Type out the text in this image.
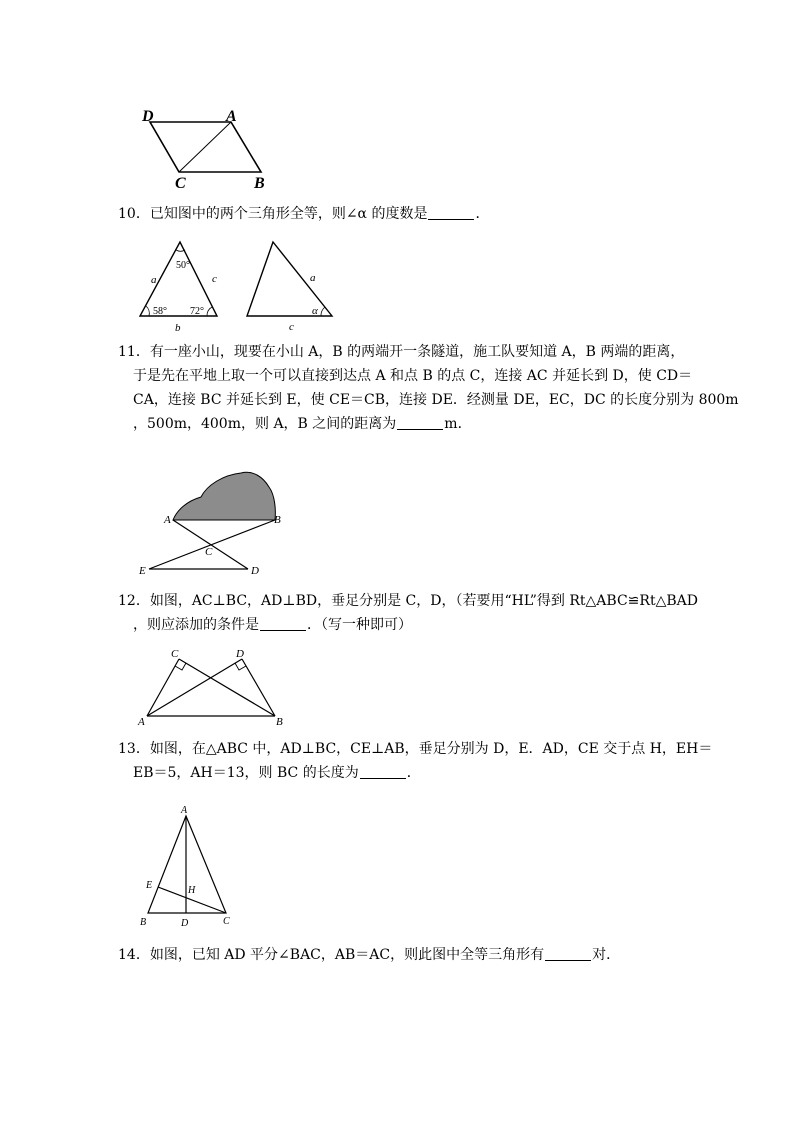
D	A
C	B
10．已知图中的两个三角形全等，则∠α 的度数是	．
50°
58° 72°
a	c
b
a
c
α
11．有一座小山，现要在小山 A，B 的两端开一条隧道，施工队要知道 A，B 两端的距离，
于是先在平地上取一个可以直接到达点 A 和点 B 的点 C，连接 AC 并延长到 D，使 CD＝
CA，连接 BC 并延长到 E，使 CE＝CB，连接 DE．经测量 DE，EC，DC 的长度分别为 800m
，500m，400m，则 A，B 之间的距离为	m．
A	B
C
E	D
12．如图，AC⊥BC，AD⊥BD，垂足分别是 C，D，（若要用“HL”得到 Rt△ABC≌Rt△BAD
，则应添加的条件是	．（写一种即可）
C	D
A	B
13．如图，在△ABC 中，AD⊥BC，CE⊥AB，垂足分别为 D，E．AD，CE 交于点 H，EH＝
EB＝5，AH＝13，则 BC 的长度为	．
A
E	H
B	D	C
14．如图，已知 AD 平分∠BAC，AB＝AC，则此图中全等三角形有	对．
